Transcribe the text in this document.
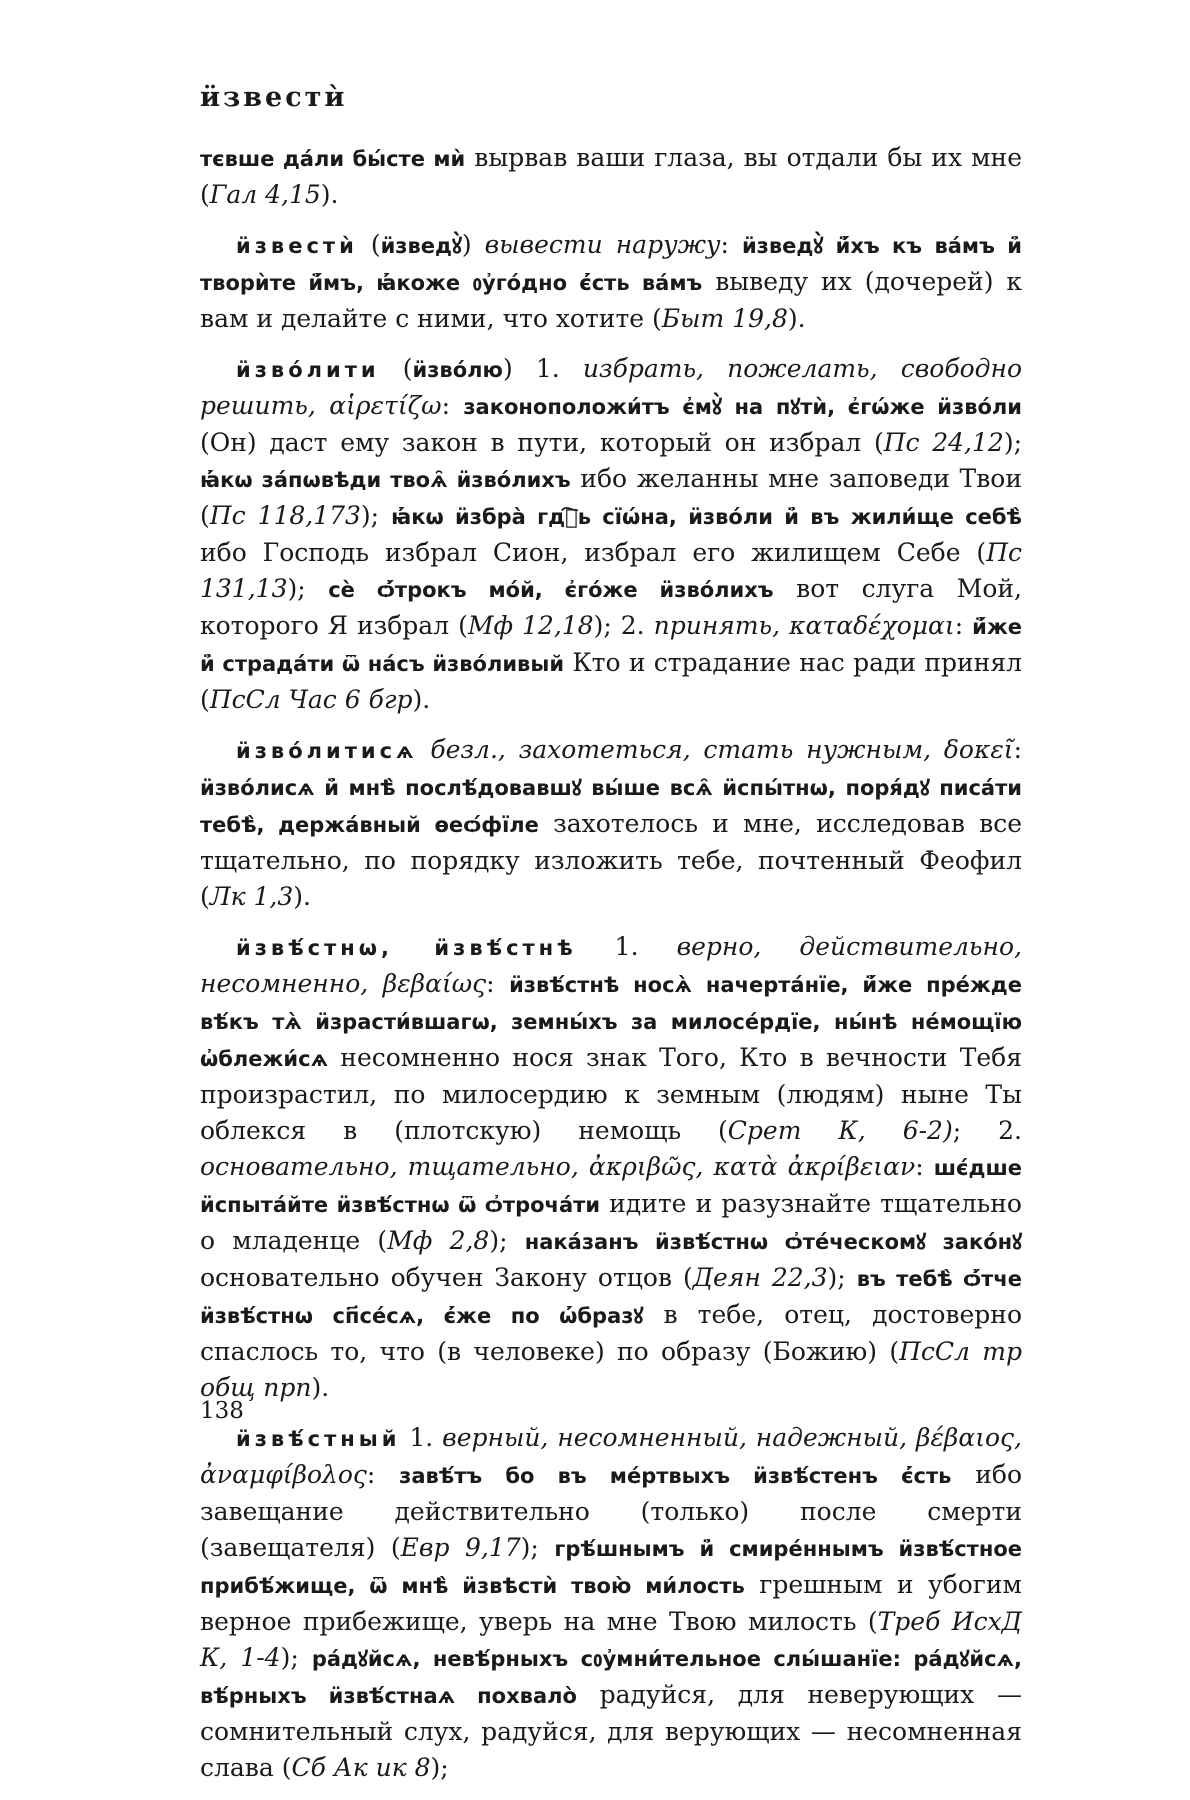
ӥзвестѝ

тєвше да́ли бы́сте мѝ вырвав ваши глаза, вы отдали бы их мне (Гал 4,15).

ӥзвестѝ (ӥзведꙋ̀) вывести наружу: ӥзведꙋ̀ ӥ҆́хъ къ ва́мъ ӥ҆ творѝте ӥ҆́мъ, ꙗ҆́коже ᲂу҆го́дно є҆́сть ва́мъ выведу их (дочерей) к вам и делайте с ними, что хотите (Быт 19,8).

ӥзво́лити (ӥзво́лю) 1. избрать, пожелать, свободно решить, αἱρετίζω: законоположи́тъ є҆мꙋ̀ на пꙋтѝ, є҆гѡ́же ӥзво́ли (Он) даст ему закон в пути, который он избрал (Пс 24,12); ꙗ҆́кѡ за́пѡвѣди твоѧ̑ ӥзво́лихъ ибо желанны мне заповеди Твои (Пс 118,173); ꙗ҆́кѡ ӥзбра̀ гдⷭ҇ь сїѡ́на, ӥзво́ли ӥ҆ въ жили́ще себѣ̀ ибо Господь избрал Сион, избрал его жилищем Себе (Пс 131,13); сѐ ѻ҆́трокъ мо́й, є҆го́же ӥзво́лихъ вот слуга Мой, которого Я избрал (Мф 12,18); 2. принять, καταδέχομαι: ӥ҆́же ӥ҆ страда́ти ѿ на́съ ӥзво́ливый Кто и страдание нас ради принял (ПсСл Час 6 бгр).

ӥзво́литисѧ безл., захотеться, стать нужным, δοκεῖ: ӥзво́лисѧ ӥ҆ мнѣ̀ послѣ́довавшꙋ вы́ше всѧ̑ ӥспы́тнѡ, поря́дꙋ писа́ти тебѣ̀, держа́вный ѳеѻ́фїле захотелось и мне, исследовав все тщательно, по порядку изложить тебе, почтенный Феофил (Лк 1,3).

ӥзвѣ́стнѡ, ӥзвѣ́стнѣ 1. верно, действительно, несомненно, βεβαίως: ӥзвѣ́стнѣ носѧ̀ начерта́нїе, ӥ҆́же пре́жде вѣ́къ тѧ̀ ӥзрасти́вшагѡ, земны́хъ за милосе́рдїе, ны́нѣ не́мощїю ѡ҆блежи́сѧ несомненно нося знак Того, Кто в вечности Тебя произрастил, по милосердию к земным (людям) ныне Ты облекся в (плотскую) немощь (Срет К, 6-2); 2. основательно, тщательно, ἀκριβῶς, κατὰ ἀκρίβειαν: шє́дше ӥспыта́йте ӥзвѣ́стнѡ ѿ ѻ҆троча́ти идите и разузнайте тщательно о младенце (Мф 2,8); нака́занъ ӥзвѣ́стнѡ ѻ҆те́ческомꙋ зако́нꙋ основательно обучен Закону отцов (Деян 22,3); въ тебѣ̀ ѻ҆́тче ӥзвѣ́стнѡ сп҃се́сѧ, є҆́же по ѡ҆́бразꙋ в тебе, отец, достоверно спаслось то, что (в человеке) по образу (Божию) (ПсСл тр общ прп).

ӥзвѣ́стный 1. верный, несомненный, надежный, βέβαιος, ἀναμφίβολος: завѣ́тъ бо въ ме́ртвыхъ ӥзвѣ́стенъ є҆́сть ибо завещание действительно (только) после смерти (завещателя) (Евр 9,17); грѣ́шнымъ ӥ҆ смире́ннымъ ӥзвѣ́стное прибѣ́жище, ѿ мнѣ̀ ӥзвѣстѝ твою̀ ми́лость грешным и убогим верное прибежище, уверь на мне Твою милость (Треб ИсхД К, 1-4); ра́дꙋйсѧ, невѣ́рныхъ сᲂу҆мни́тельное слы́шанїе: ра́дꙋйсѧ, вѣ́рныхъ ӥзвѣ́стнаѧ похвало̀ радуйся, для неверующих — сомнительный слух, радуйся, для верующих — несомненная слава (Сб Ак ик 8);

138
